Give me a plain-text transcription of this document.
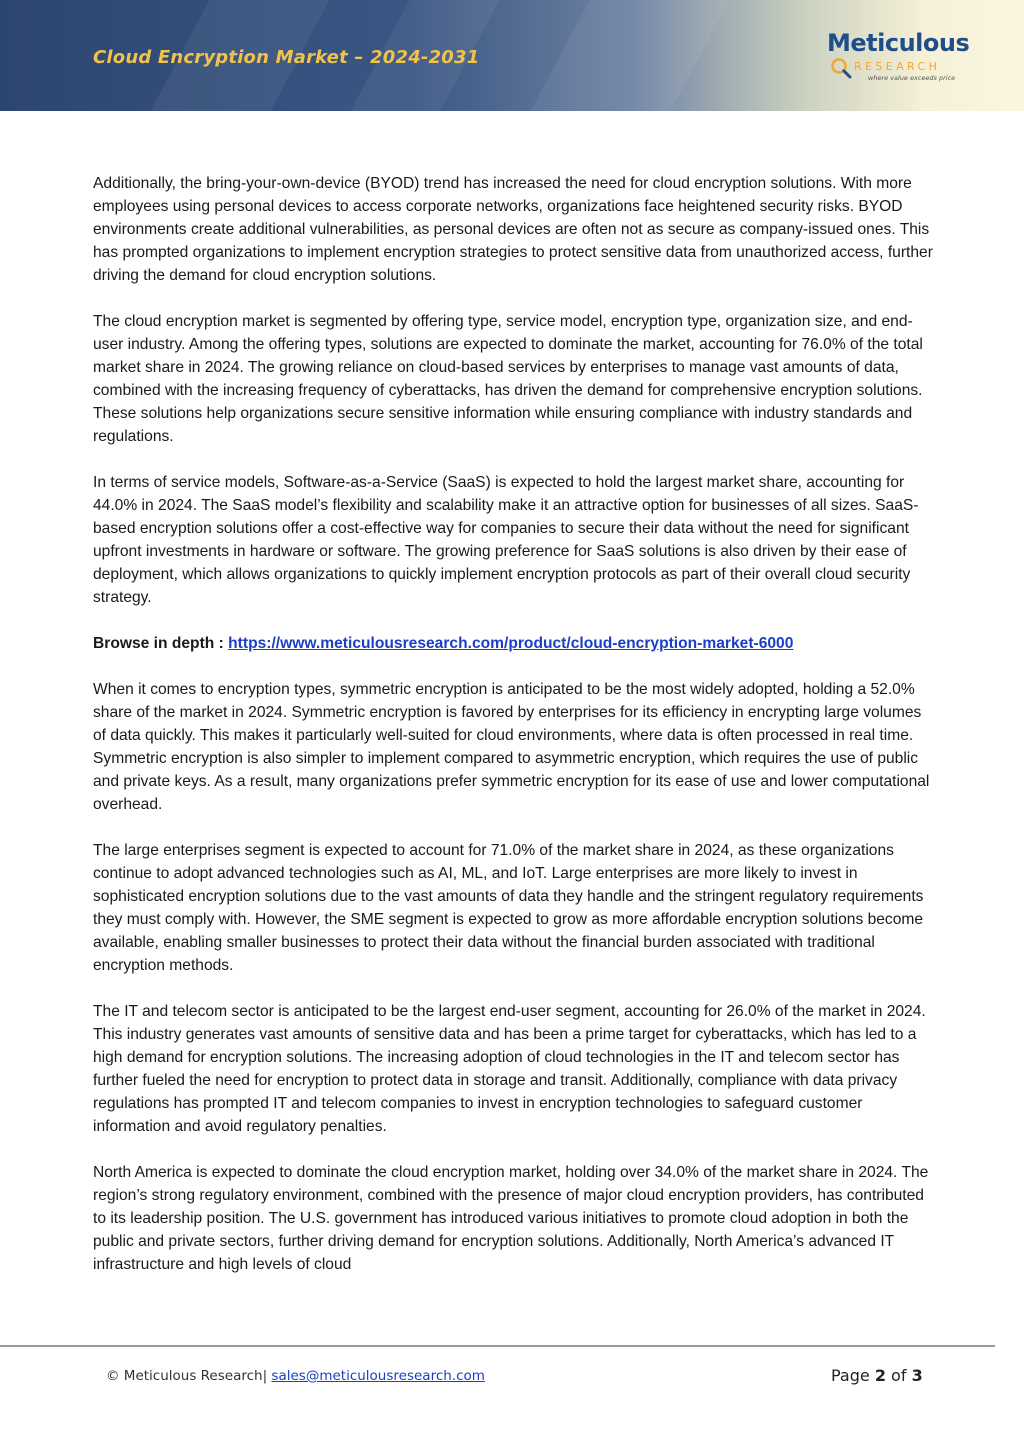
Cloud Encryption Market – 2024-2031
Meticulous
RESEARCH
where value exceeds price

Additionally, the bring-your-own-device (BYOD) trend has increased the need for cloud encryption solutions. With more employees using personal devices to access corporate networks, organizations face heightened security risks. BYOD environments create additional vulnerabilities, as personal devices are often not as secure as company-issued ones. This has prompted organizations to implement encryption strategies to protect sensitive data from unauthorized access, further driving the demand for cloud encryption solutions.

The cloud encryption market is segmented by offering type, service model, encryption type, organization size, and end-user industry. Among the offering types, solutions are expected to dominate the market, accounting for 76.0% of the total market share in 2024. The growing reliance on cloud-based services by enterprises to manage vast amounts of data, combined with the increasing frequency of cyberattacks, has driven the demand for comprehensive encryption solutions. These solutions help organizations secure sensitive information while ensuring compliance with industry standards and regulations.

In terms of service models, Software-as-a-Service (SaaS) is expected to hold the largest market share, accounting for 44.0% in 2024. The SaaS model’s flexibility and scalability make it an attractive option for businesses of all sizes. SaaS-based encryption solutions offer a cost-effective way for companies to secure their data without the need for significant upfront investments in hardware or software. The growing preference for SaaS solutions is also driven by their ease of deployment, which allows organizations to quickly implement encryption protocols as part of their overall cloud security strategy.

Browse in depth : https://www.meticulousresearch.com/product/cloud-encryption-market-6000

When it comes to encryption types, symmetric encryption is anticipated to be the most widely adopted, holding a 52.0% share of the market in 2024. Symmetric encryption is favored by enterprises for its efficiency in encrypting large volumes of data quickly. This makes it particularly well-suited for cloud environments, where data is often processed in real time. Symmetric encryption is also simpler to implement compared to asymmetric encryption, which requires the use of public and private keys. As a result, many organizations prefer symmetric encryption for its ease of use and lower computational overhead.

The large enterprises segment is expected to account for 71.0% of the market share in 2024, as these organizations continue to adopt advanced technologies such as AI, ML, and IoT. Large enterprises are more likely to invest in sophisticated encryption solutions due to the vast amounts of data they handle and the stringent regulatory requirements they must comply with. However, the SME segment is expected to grow as more affordable encryption solutions become available, enabling smaller businesses to protect their data without the financial burden associated with traditional encryption methods.

The IT and telecom sector is anticipated to be the largest end-user segment, accounting for 26.0% of the market in 2024. This industry generates vast amounts of sensitive data and has been a prime target for cyberattacks, which has led to a high demand for encryption solutions. The increasing adoption of cloud technologies in the IT and telecom sector has further fueled the need for encryption to protect data in storage and transit. Additionally, compliance with data privacy regulations has prompted IT and telecom companies to invest in encryption technologies to safeguard customer information and avoid regulatory penalties.

North America is expected to dominate the cloud encryption market, holding over 34.0% of the market share in 2024. The region’s strong regulatory environment, combined with the presence of major cloud encryption providers, has contributed to its leadership position. The U.S. government has introduced various initiatives to promote cloud adoption in both the public and private sectors, further driving demand for encryption solutions. Additionally, North America’s advanced IT infrastructure and high levels of cloud

© Meticulous Research| sales@meticulousresearch.com	Page 2 of 3
